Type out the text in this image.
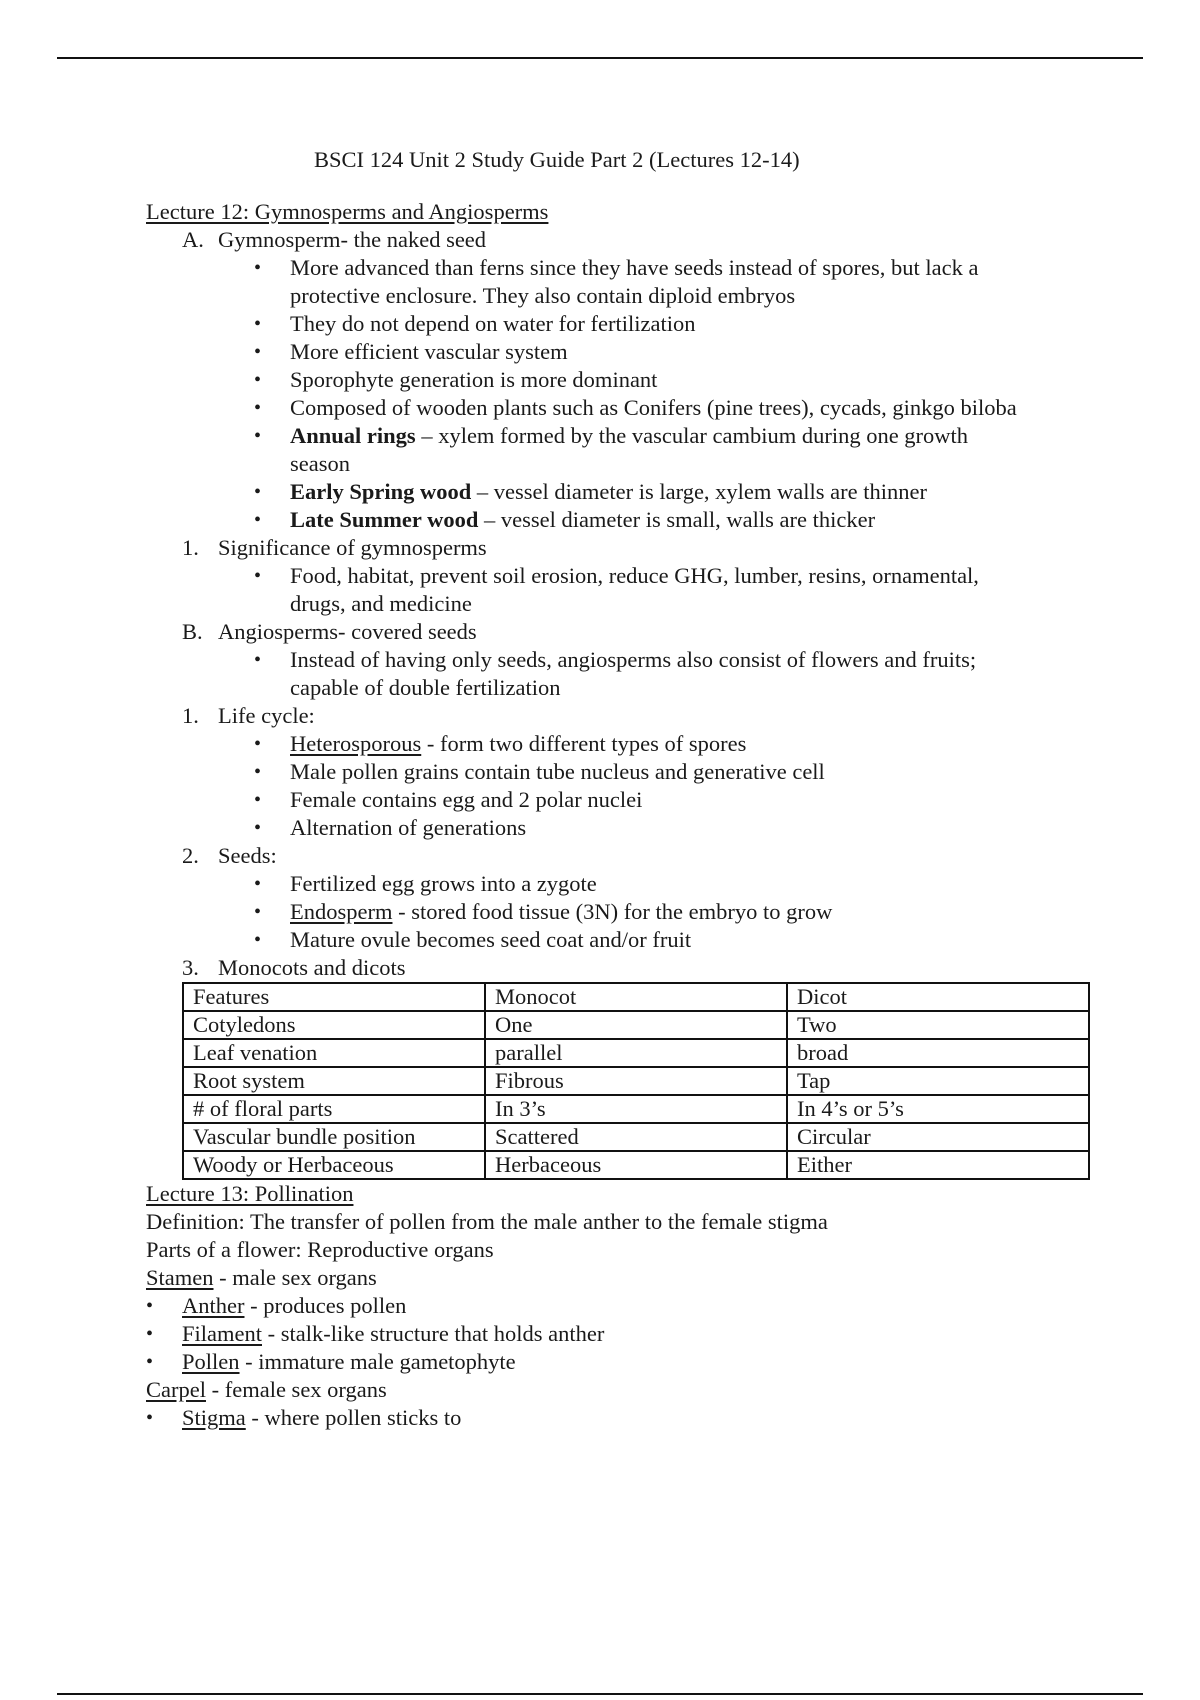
BSCI 124 Unit 2 Study Guide Part 2 (Lectures 12-14)
Lecture 12: Gymnosperms and Angiosperms
A. Gymnosperm- the naked seed
• More advanced than ferns since they have seeds instead of spores, but lack a
protective enclosure. They also contain diploid embryos
• They do not depend on water for fertilization
• More efficient vascular system
• Sporophyte generation is more dominant
• Composed of wooden plants such as Conifers (pine trees), cycads, ginkgo biloba
• Annual rings – xylem formed by the vascular cambium during one growth
season
• Early Spring wood – vessel diameter is large, xylem walls are thinner
• Late Summer wood – vessel diameter is small, walls are thicker
1. Significance of gymnosperms
• Food, habitat, prevent soil erosion, reduce GHG, lumber, resins, ornamental,
drugs, and medicine
B. Angiosperms- covered seeds
• Instead of having only seeds, angiosperms also consist of flowers and fruits;
capable of double fertilization
1. Life cycle:
• Heterosporous - form two different types of spores
• Male pollen grains contain tube nucleus and generative cell
• Female contains egg and 2 polar nuclei
• Alternation of generations
2. Seeds:
• Fertilized egg grows into a zygote
• Endosperm - stored food tissue (3N) for the embryo to grow
• Mature ovule becomes seed coat and/or fruit
3. Monocots and dicots
Features	Monocot	Dicot
Cotyledons	One	Two
Leaf venation	parallel	broad
Root system	Fibrous	Tap
# of floral parts	In 3’s	In 4’s or 5’s
Vascular bundle position	Scattered	Circular
Woody or Herbaceous	Herbaceous	Either
Lecture 13: Pollination
Definition: The transfer of pollen from the male anther to the female stigma
Parts of a flower: Reproductive organs
Stamen - male sex organs
• Anther - produces pollen
• Filament - stalk-like structure that holds anther
• Pollen - immature male gametophyte
Carpel - female sex organs
• Stigma - where pollen sticks to
